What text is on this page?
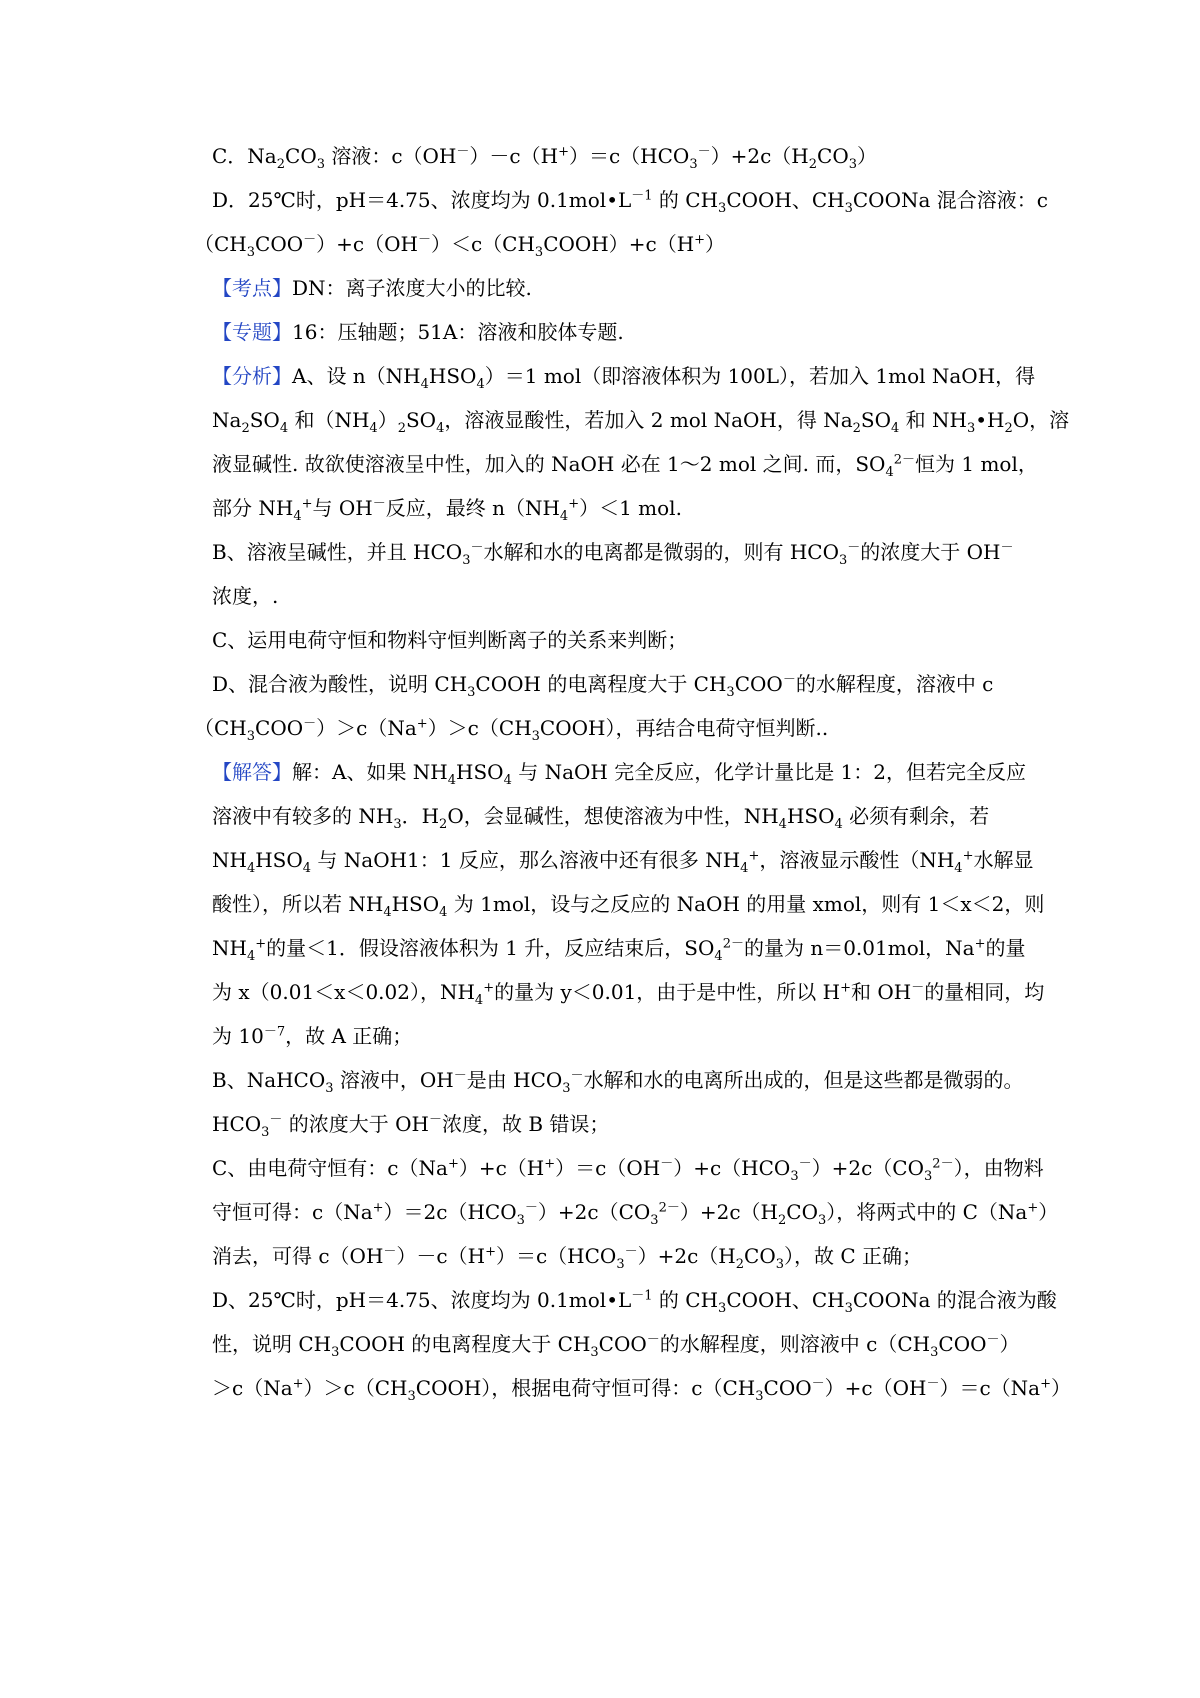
C．$Na_2CO_3$ 溶液：$c(OH^-)-c(H^+)=c(HCO_3^-)+2c(H_2CO_3)$
D．25℃时，pH＝4.75、浓度均为 $0.1mol•L^{-1}$ 的 $CH_3COOH$、$CH_3COONa$ 混合溶液：c
$(CH_3COO^-)+c(OH^-)<c(CH_3COOH)+c(H^+)$
【考点】DN：离子浓度大小的比较.
【专题】16：压轴题；51A：溶液和胶体专题.
【分析】A、设 $n(NH_4HSO_4)=1$ mol（即溶液体积为 100L），若加入 1mol NaOH，得
$Na_2SO_4$ 和$(NH_4)_2SO_4$，溶液显酸性，若加入 2 mol NaOH，得 $Na_2SO_4$ 和 $NH_3•H_2O$，溶
液显碱性. 故欲使溶液呈中性，加入的 NaOH 必在 1～2 mol 之间. 而，$SO_4^{2-}$恒为 1 mol，
部分 $NH_4^+$与 OH－反应，最终 $n(NH_4^+)<1$ mol.
B、溶液呈碱性，并且 $HCO_3^-$水解和水的电离都是微弱的，则有 $HCO_3^-$的浓度大于 OH－
浓度，.
C、运用电荷守恒和物料守恒判断离子的关系来判断；
D、混合液为酸性，说明 $CH_3COOH$ 的电离程度大于 $CH_3COO^-$的水解程度，溶液中 c
$(CH_3COO^-)>c(Na^+)>c(CH_3COOH)$，再结合电荷守恒判断..
【解答】解：A、如果 $NH_4HSO_4$ 与 NaOH 完全反应，化学计量比是 1：2，但若完全反应
溶液中有较多的 $NH_3$．$H_2O$，会显碱性，想使溶液为中性，$NH_4HSO_4$ 必须有剩余，若
$NH_4HSO_4$ 与 NaOH1：1 反应，那么溶液中还有很多 $NH_4^+$，溶液显示酸性（$NH_4^+$水解显
酸性），所以若 $NH_4HSO_4$ 为 1mol，设与之反应的 NaOH 的用量 xmol，则有 1＜x＜2，则
$NH_4^+$的量＜1．假设溶液体积为 1 升，反应结束后，$SO_4^{2-}$的量为 n＝0.01mol，Na+的量
为 x（0.01＜x＜0.02），$NH_4^+$的量为 y＜0.01，由于是中性，所以 H+和 OH－的量相同，均
为 $10^{-7}$，故 A 正确；
B、NaHCO$_3$ 溶液中，OH－是由 $HCO_3^-$水解和水的电离所出成的，但是这些都是微弱的。
$HCO_3^-$ 的浓度大于 OH－浓度，故 B 错误；
C、由电荷守恒有：$c(Na^+)+c(H^+)=c(OH^-)+c(HCO_3^-)+2c(CO_3^{2-})$，由物料
守恒可得：$c(Na^+)=2c(HCO_3^-)+2c(CO_3^{2-})+2c(H_2CO_3)$，将两式中的 C（Na+）
消去，可得 $c(OH^-)-c(H^+)=c(HCO_3^-)+2c(H_2CO_3)$，故 C 正确；
D、25℃时，pH＝4.75、浓度均为 $0.1mol•L^{-1}$ 的 $CH_3COOH$、$CH_3COONa$ 的混合液为酸
性，说明 $CH_3COOH$ 的电离程度大于 $CH_3COO^-$的水解程度，则溶液中 $c(CH_3COO^-)$
$>c(Na^+)>c(CH_3COOH)$，根据电荷守恒可得：$c(CH_3COO^-)+c(OH^-)=c(Na^+)$
